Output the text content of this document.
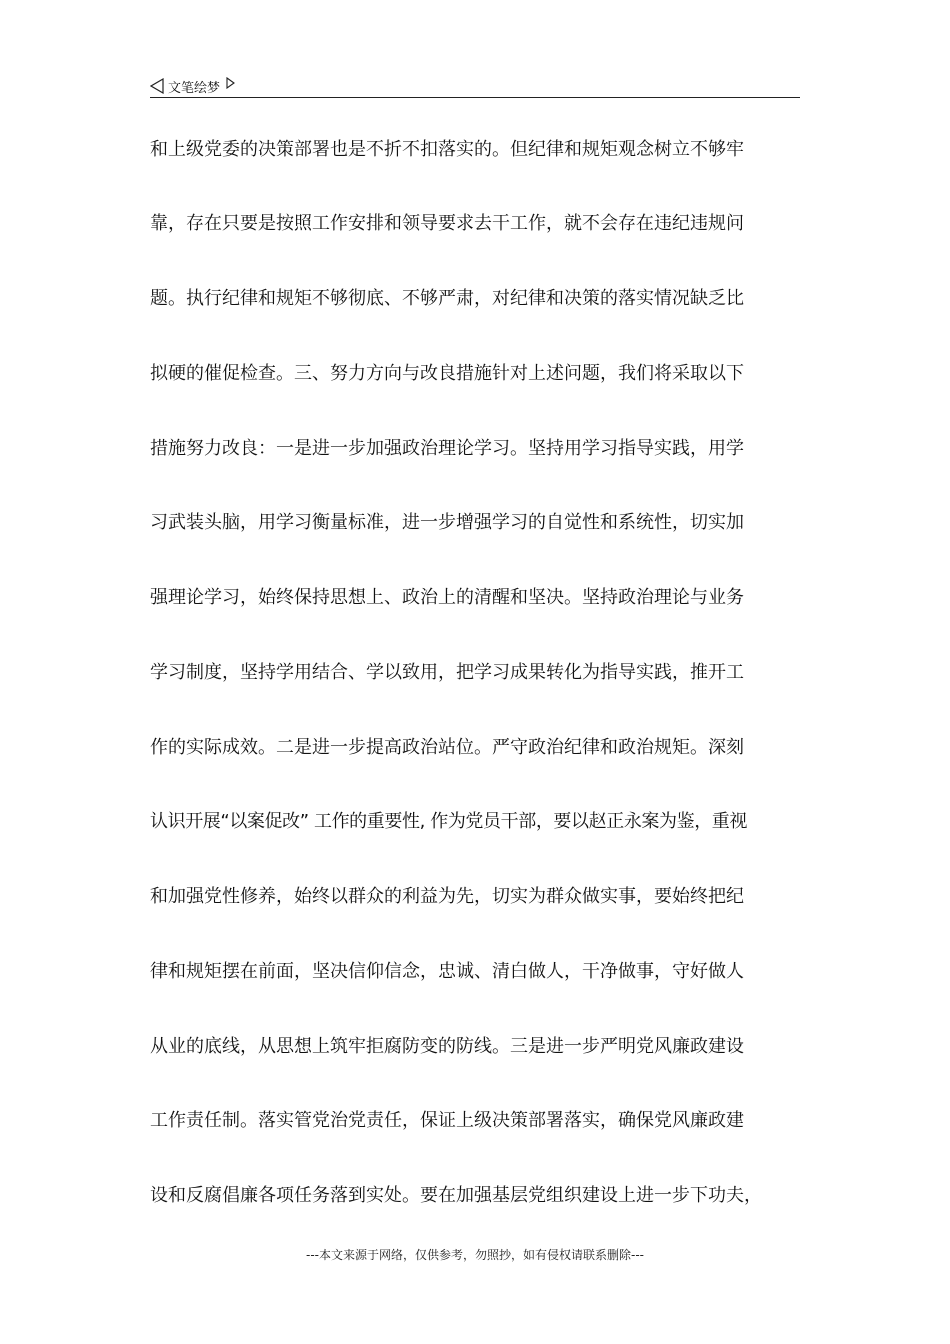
文笔绘梦
和上级党委的决策部署也是不折不扣落实的。但纪律和规矩观念树立不够牢
靠，存在只要是按照工作安排和领导要求去干工作，就不会存在违纪违规问
题。执行纪律和规矩不够彻底、不够严肃，对纪律和决策的落实情况缺乏比
拟硬的催促检查。三、努力方向与改良措施针对上述问题，我们将采取以下
措施努力改良：一是进一步加强政治理论学习。坚持用学习指导实践，用学
习武装头脑，用学习衡量标准，进一步增强学习的自觉性和系统性，切实加
强理论学习，始终保持思想上、政治上的清醒和坚决。坚持政治理论与业务
学习制度，坚持学用结合、学以致用，把学习成果转化为指导实践，推开工
作的实际成效。二是进一步提高政治站位。严守政治纪律和政治规矩。深刻
认识开展“以案促改” 工作的重要性, 作为党员干部，要以赵正永案为鉴，重视
和加强党性修养，始终以群众的利益为先，切实为群众做实事，要始终把纪
律和规矩摆在前面，坚决信仰信念，忠诚、清白做人，干净做事，守好做人
从业的底线，从思想上筑牢拒腐防变的防线。三是进一步严明党风廉政建设
工作责任制。落实管党治党责任，保证上级决策部署落实，确保党风廉政建
设和反腐倡廉各项任务落到实处。要在加强基层党组织建设上进一步下功夫，
---本文来源于网络，仅供参考，勿照抄，如有侵权请联系删除---
